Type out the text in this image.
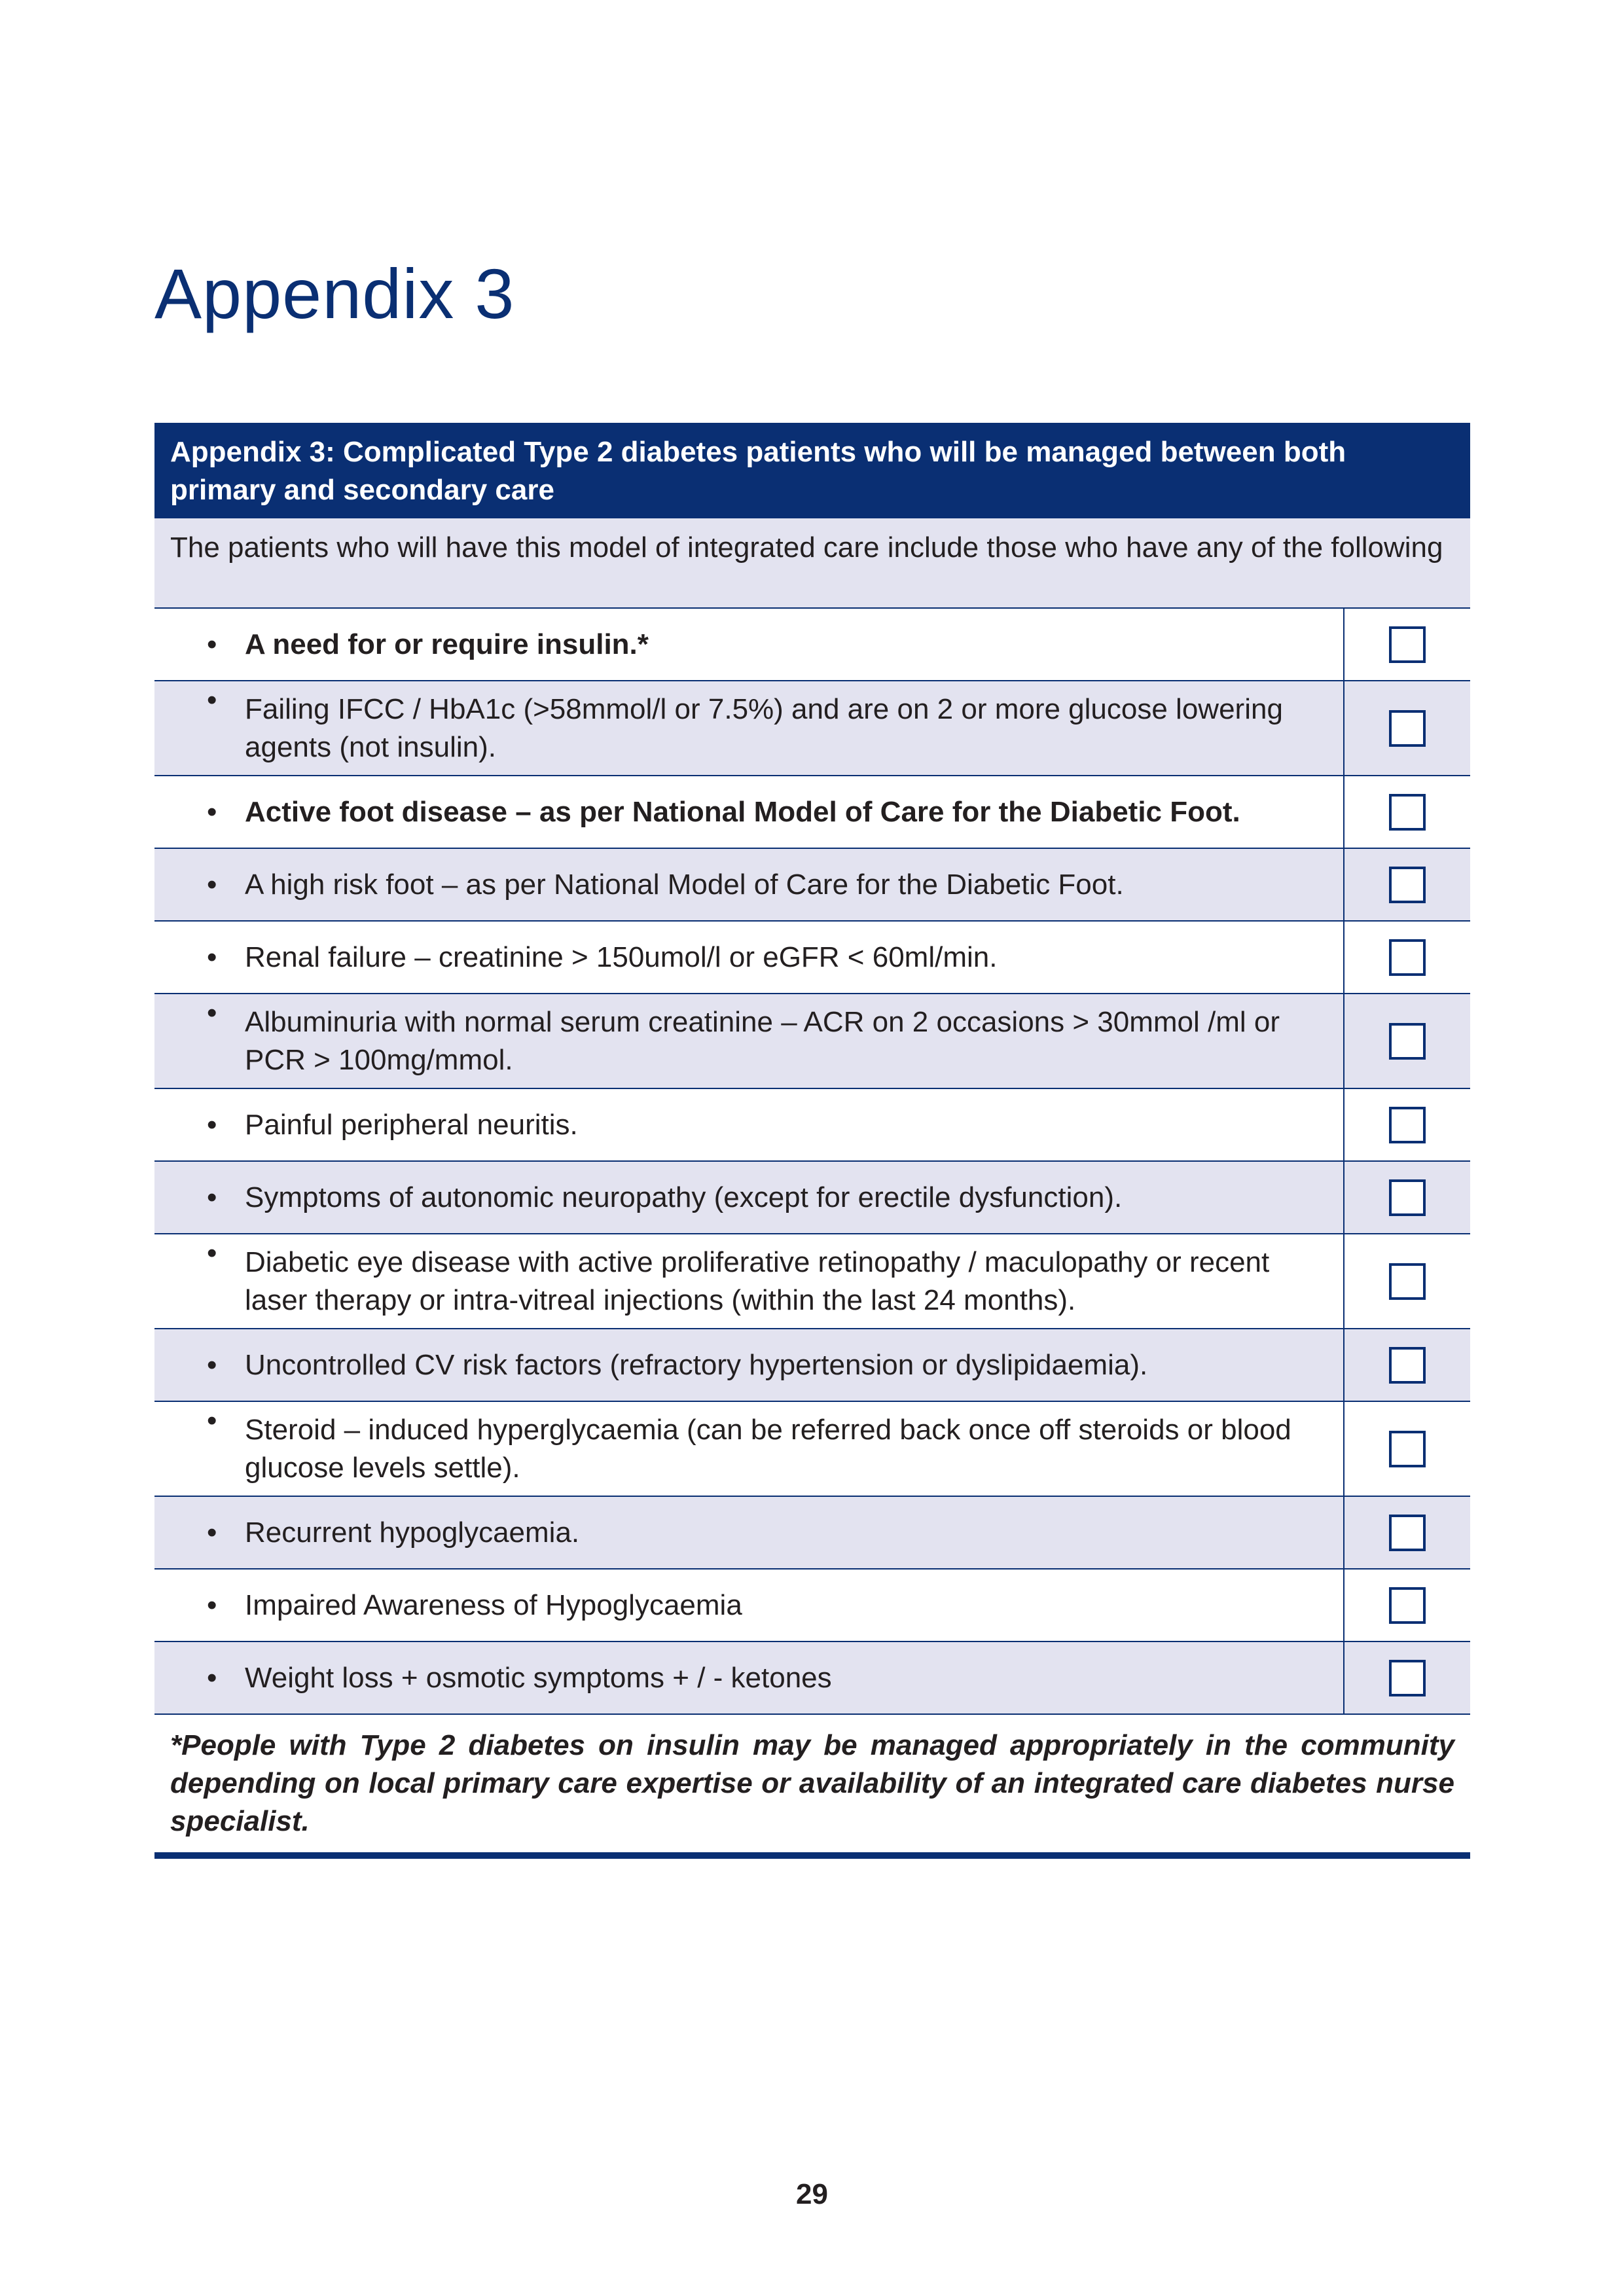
Appendix 3
Appendix 3: Complicated Type 2 diabetes patients who will be managed between both primary and secondary care
The patients who will have this model of integrated care include those who have any of the following
• A need for or require insulin.*
• Failing IFCC / HbA1c (>58mmol/l or 7.5%) and are on 2 or more glucose lowering agents (not insulin).
• Active foot disease – as per National Model of Care for the Diabetic Foot.
• A high risk foot – as per National Model of Care for the Diabetic Foot.
• Renal failure – creatinine > 150umol/l or eGFR < 60ml/min.
• Albuminuria with normal serum creatinine – ACR on 2 occasions > 30mmol /ml or PCR > 100mg/mmol.
• Painful peripheral neuritis.
• Symptoms of autonomic neuropathy (except for erectile dysfunction).
• Diabetic eye disease with active proliferative retinopathy / maculopathy or recent laser therapy or intra-vitreal injections (within the last 24 months).
• Uncontrolled CV risk factors (refractory hypertension or dyslipidaemia).
• Steroid – induced hyperglycaemia (can be referred back once off steroids or blood glucose levels settle).
• Recurrent hypoglycaemia.
• Impaired Awareness of Hypoglycaemia
• Weight loss + osmotic symptoms + / - ketones
*People with Type 2 diabetes on insulin may be managed appropriately in the community depending on local primary care expertise or availability of an integrated care diabetes nurse specialist.
29
